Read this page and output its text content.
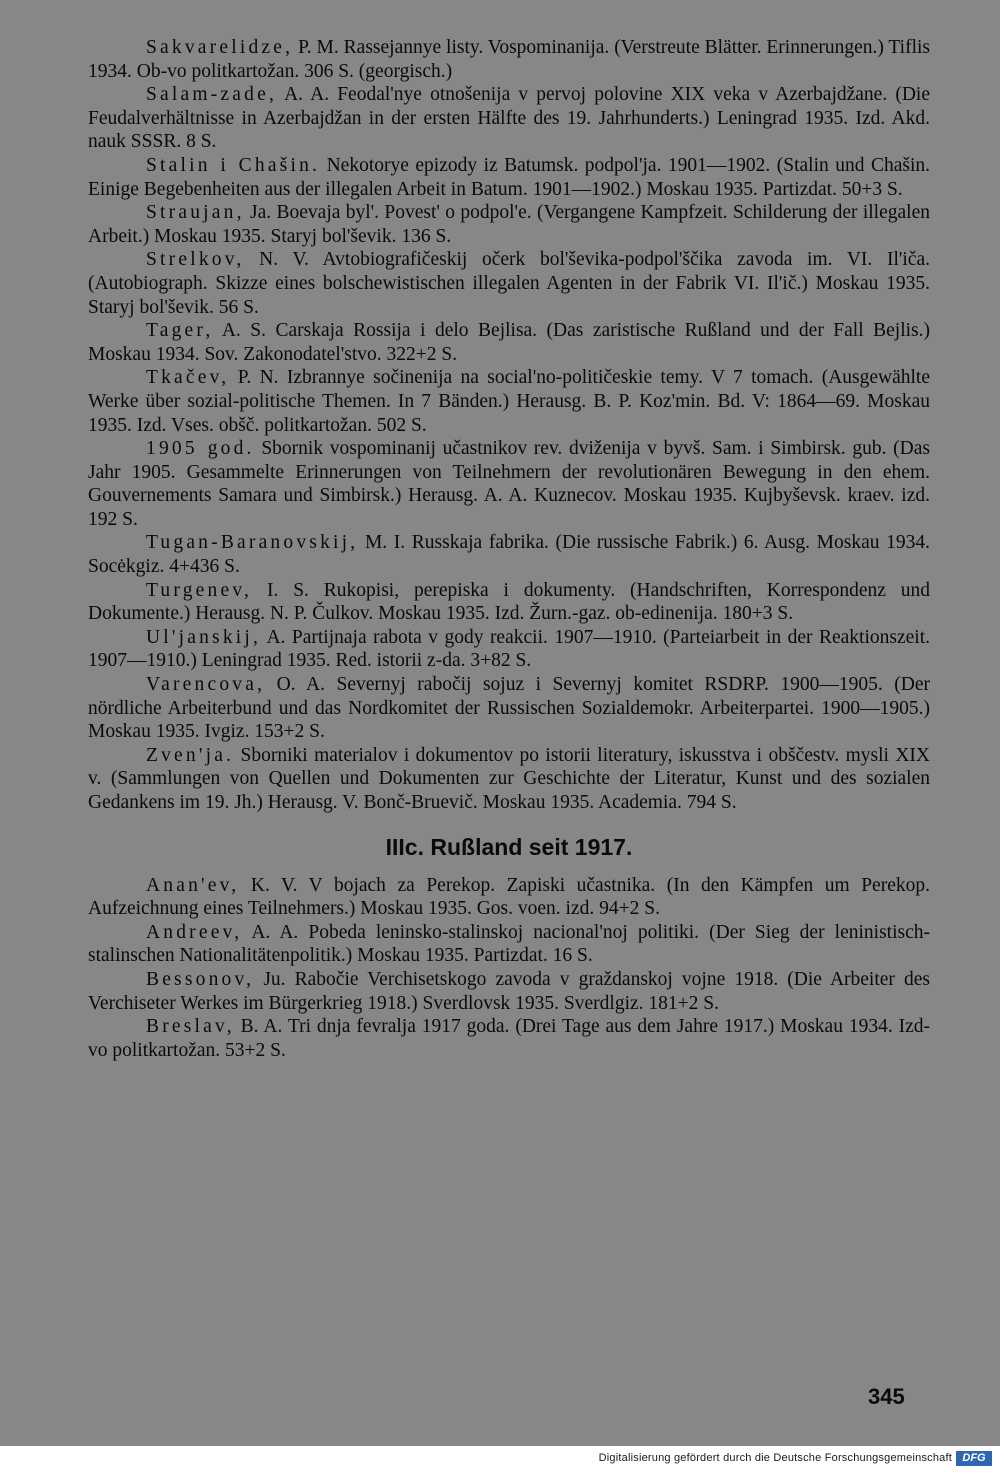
Sakvarelidze, P. M. Rassejannye listy. Vospominanija. (Verstreute Blätter. Erinnerungen.) Tiflis 1934. Ob-vo politkartožan. 306 S. (georgisch.)

Salam-zade, A. A. Feodal'nye otnošenija v pervoj polovine XIX veka v Azerbajdžane. (Die Feudalverhältnisse in Azerbajdžan in der ersten Hälfte des 19. Jahrhunderts.) Leningrad 1935. Izd. Akd. nauk SSSR. 8 S.

Stalin i Chašin. Nekotorye epizody iz Batumsk. podpol'ja. 1901—1902. (Stalin und Chašin. Einige Begebenheiten aus der illegalen Arbeit in Batum. 1901—1902.) Moskau 1935. Partizdat. 50+3 S.

Straujan, Ja. Boevaja byl'. Povest' o podpol'e. (Vergangene Kampfzeit. Schilderung der illegalen Arbeit.) Moskau 1935. Staryj bol'ševik. 136 S.

Strelkov, N. V. Avtobiografičeskij očerk bol'ševika-podpol'ščika zavoda im. VI. Il'iča. (Autobiograph. Skizze eines bolschewistischen illegalen Agenten in der Fabrik VI. Il'ič.) Moskau 1935. Staryj bol'ševik. 56 S.

Tager, A. S. Carskaja Rossija i delo Bejlisa. (Das zaristische Rußland und der Fall Bejlis.) Moskau 1934. Sov. Zakonodatel'stvo. 322+2 S.

Tkačev, P. N. Izbrannye sočinenija na social'no-političeskie temy. V 7 tomach. (Ausgewählte Werke über sozial-politische Themen. In 7 Bänden.) Herausg. B. P. Koz'min. Bd. V: 1864—69. Moskau 1935. Izd. Vses. obšč. politkartožan. 502 S.

1905 god. Sbornik vospominanij učastnikov rev. dviženija v byvš. Sam. i Simbirsk. gub. (Das Jahr 1905. Gesammelte Erinnerungen von Teilnehmern der revolutionären Bewegung in den ehem. Gouvernements Samara und Simbirsk.) Herausg. A. A. Kuznecov. Moskau 1935. Kujbyševsk. kraev. izd. 192 S.

Tugan-Baranovskij, M. I. Russkaja fabrika. (Die russische Fabrik.) 6. Ausg. Moskau 1934. Socėkgiz. 4+436 S.

Turgenev, I. S. Rukopisi, perepiska i dokumenty. (Handschriften, Korrespondenz und Dokumente.) Herausg. N. P. Čulkov. Moskau 1935. Izd. Žurn.-gaz. ob-edinenija. 180+3 S.

Ul'janskij, A. Partijnaja rabota v gody reakcii. 1907—1910. (Parteiarbeit in der Reaktionszeit. 1907—1910.) Leningrad 1935. Red. istorii z-da. 3+82 S.

Varencova, O. A. Severnyj rabočij sojuz i Severnyj komitet RSDRP. 1900—1905. (Der nördliche Arbeiterbund und das Nordkomitet der Russischen Sozialdemokr. Arbeiterpartei. 1900—1905.) Moskau 1935. Ivgiz. 153+2 S.

Zven'ja. Sborniki materialov i dokumentov po istorii literatury, iskusstva i obščestv. mysli XIX v. (Sammlungen von Quellen und Dokumenten zur Geschichte der Literatur, Kunst und des sozialen Gedankens im 19. Jh.) Herausg. V. Bonč-Bruevič. Moskau 1935. Academia. 794 S.

IIIc. Rußland seit 1917.

Anan'ev, K. V. V bojach za Perekop. Zapiski učastnika. (In den Kämpfen um Perekop. Aufzeichnung eines Teilnehmers.) Moskau 1935. Gos. voen. izd. 94+2 S.

Andreev, A. A. Pobeda leninsko-stalinskoj nacional'noj politiki. (Der Sieg der leninistisch-stalinschen Nationalitätenpolitik.) Moskau 1935. Partizdat. 16 S.

Bessonov, Ju. Rabočie Verchisetskogo zavoda v graždanskoj vojne 1918. (Die Arbeiter des Verchiseter Werkes im Bürgerkrieg 1918.) Sverdlovsk 1935. Sverdlgiz. 181+2 S.

Breslav, B. A. Tri dnja fevralja 1917 goda. (Drei Tage aus dem Jahre 1917.) Moskau 1934. Izd-vo politkartožan. 53+2 S.

345
Digitalisierung gefördert durch die Deutsche Forschungsgemeinschaft DFG
